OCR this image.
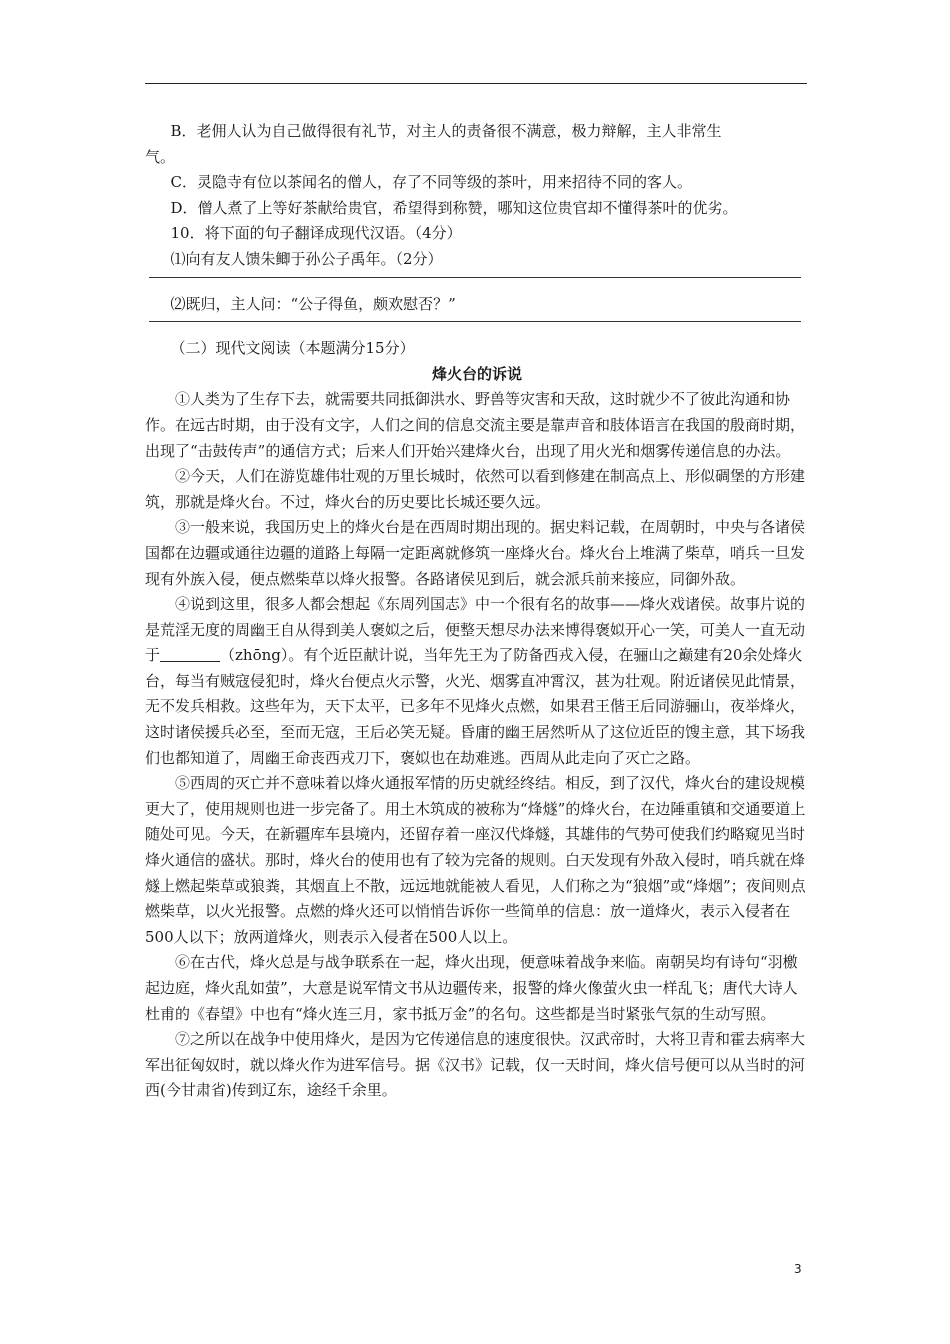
B．老佣人认为自己做得很有礼节，对主人的责备很不满意，极力辩解，主人非常生

气。

C．灵隐寺有位以茶闻名的僧人，存了不同等级的茶叶，用来招待不同的客人。

D．僧人煮了上等好茶献给贵官，希望得到称赞，哪知这位贵官却不懂得茶叶的优劣。

10．将下面的句子翻译成现代汉语。（4分）

⑴向有友人馈朱鲫于孙公子禹年。（2分）

⑵既归，主人问：“公子得鱼，颇欢慰否？”

（二）现代文阅读（本题满分15分）

烽火台的诉说

①人类为了生存下去，就需要共同抵御洪水、野兽等灾害和天敌，这时就少不了彼此沟通和协作。在远古时期，由于没有文字，人们之间的信息交流主要是靠声音和肢体语言在我国的殷商时期，出现了“击鼓传声”的通信方式；后来人们开始兴建烽火台，出现了用火光和烟雾传递信息的办法。

②今天，人们在游览雄伟壮观的万里长城时，依然可以看到修建在制高点上、形似碉堡的方形建筑，那就是烽火台。不过，烽火台的历史要比长城还要久远。

③一般来说，我国历史上的烽火台是在西周时期出现的。据史料记载，在周朝时，中央与各诸侯国都在边疆或通往边疆的道路上每隔一定距离就修筑一座烽火台。烽火台上堆满了柴草，哨兵一旦发现有外族入侵，便点燃柴草以烽火报警。各路诸侯见到后，就会派兵前来接应，同御外敌。

④说到这里，很多人都会想起《东周列国志》中一个很有名的故事——烽火戏诸侯。故事片说的是荒淫无度的周幽王自从得到美人褒姒之后，便整天想尽办法来博得褒姒开心一笑，可美人一直无动于	（zhōng）。有个近臣献计说，当年先王为了防备西戎入侵，在骊山之巅建有20余处烽火台，每当有贼寇侵犯时，烽火台便点火示警，火光、烟雾直冲霄汉，甚为壮观。附近诸侯见此情景，无不发兵相救。这些年为，天下太平，已多年不见烽火点燃，如果君王偕王后同游骊山，夜举烽火，这时诸侯援兵必至，至而无寇，王后必笑无疑。昏庸的幽王居然听从了这位近臣的馊主意，其下场我们也都知道了，周幽王命丧西戎刀下，褒姒也在劫难逃。西周从此走向了灭亡之路。

⑤西周的灭亡并不意味着以烽火通报军情的历史就经终结。相反，到了汉代，烽火台的建设规模更大了，使用规则也进一步完备了。用土木筑成的被称为“烽燧”的烽火台，在边陲重镇和交通要道上随处可见。今天，在新疆库车县境内，还留存着一座汉代烽燧，其雄伟的气势可使我们约略窥见当时烽火通信的盛状。那时，烽火台的使用也有了较为完备的规则。白天发现有外敌入侵时，哨兵就在烽燧上燃起柴草或狼粪，其烟直上不散，远远地就能被人看见，人们称之为“狼烟”或“烽烟”；夜间则点燃柴草，以火光报警。点燃的烽火还可以悄悄告诉你一些简单的信息：放一道烽火，表示入侵者在500人以下；放两道烽火，则表示入侵者在500人以上。

⑥在古代，烽火总是与战争联系在一起，烽火出现，便意味着战争来临。南朝吴均有诗句“羽檄起边庭，烽火乱如萤”，大意是说军情文书从边疆传来，报警的烽火像萤火虫一样乱飞；唐代大诗人杜甫的《春望》中也有“烽火连三月，家书抵万金”的名句。这些都是当时紧张气氛的生动写照。

⑦之所以在战争中使用烽火，是因为它传递信息的速度很快。汉武帝时，大将卫青和霍去病率大军出征匈奴时，就以烽火作为进军信号。据《汉书》记载，仅一天时间，烽火信号便可以从当时的河西(今甘肃省)传到辽东，途经千余里。

3
